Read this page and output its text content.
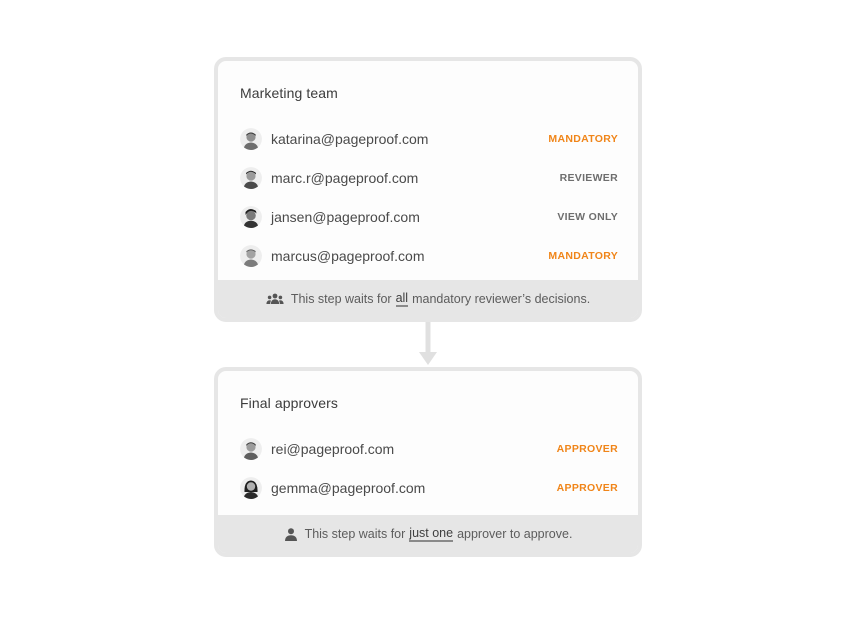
Marketing team
katarina@pageproof.com	MANDATORY
marc.r@pageproof.com	REVIEWER
jansen@pageproof.com	VIEW ONLY
marcus@pageproof.com	MANDATORY
This step waits for all mandatory reviewer’s decisions.
Final approvers
rei@pageproof.com	APPROVER
gemma@pageproof.com	APPROVER
This step waits for just one approver to approve.
